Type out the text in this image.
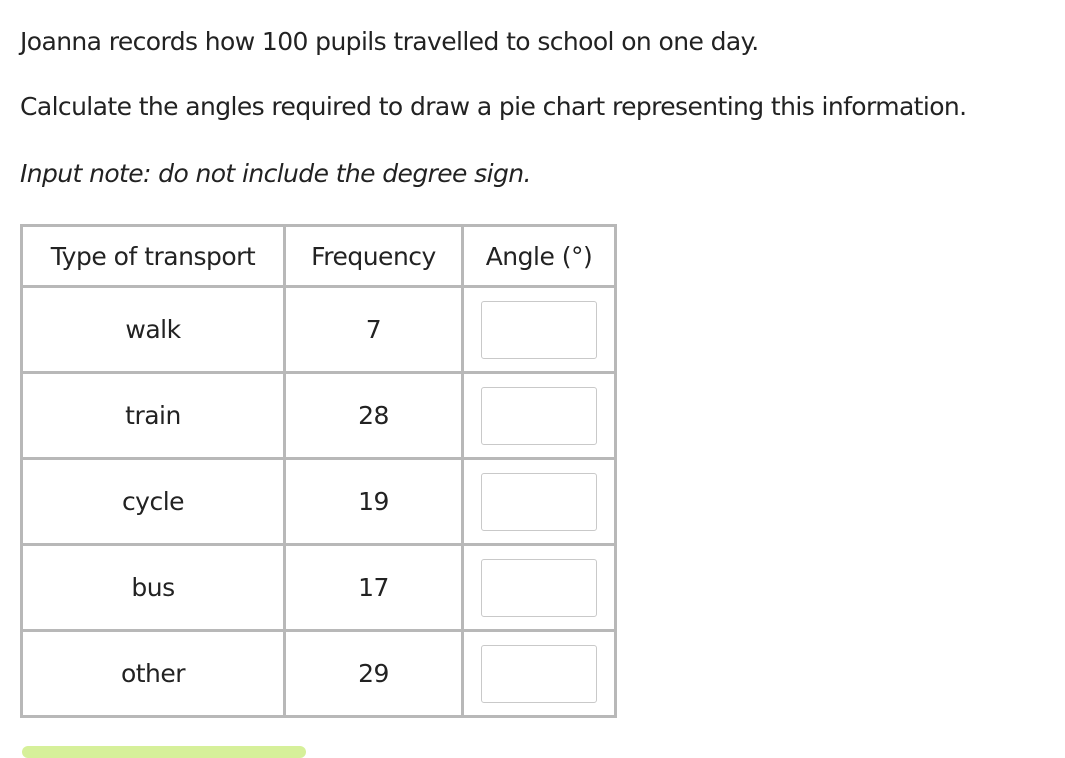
Joanna records how 100 pupils travelled to school on one day.

Calculate the angles required to draw a pie chart representing this information.

Input note: do not include the degree sign.

Type of transport	Frequency	Angle (°)
walk	7	

train	28	

cycle	19	

bus	17	

other	29	
